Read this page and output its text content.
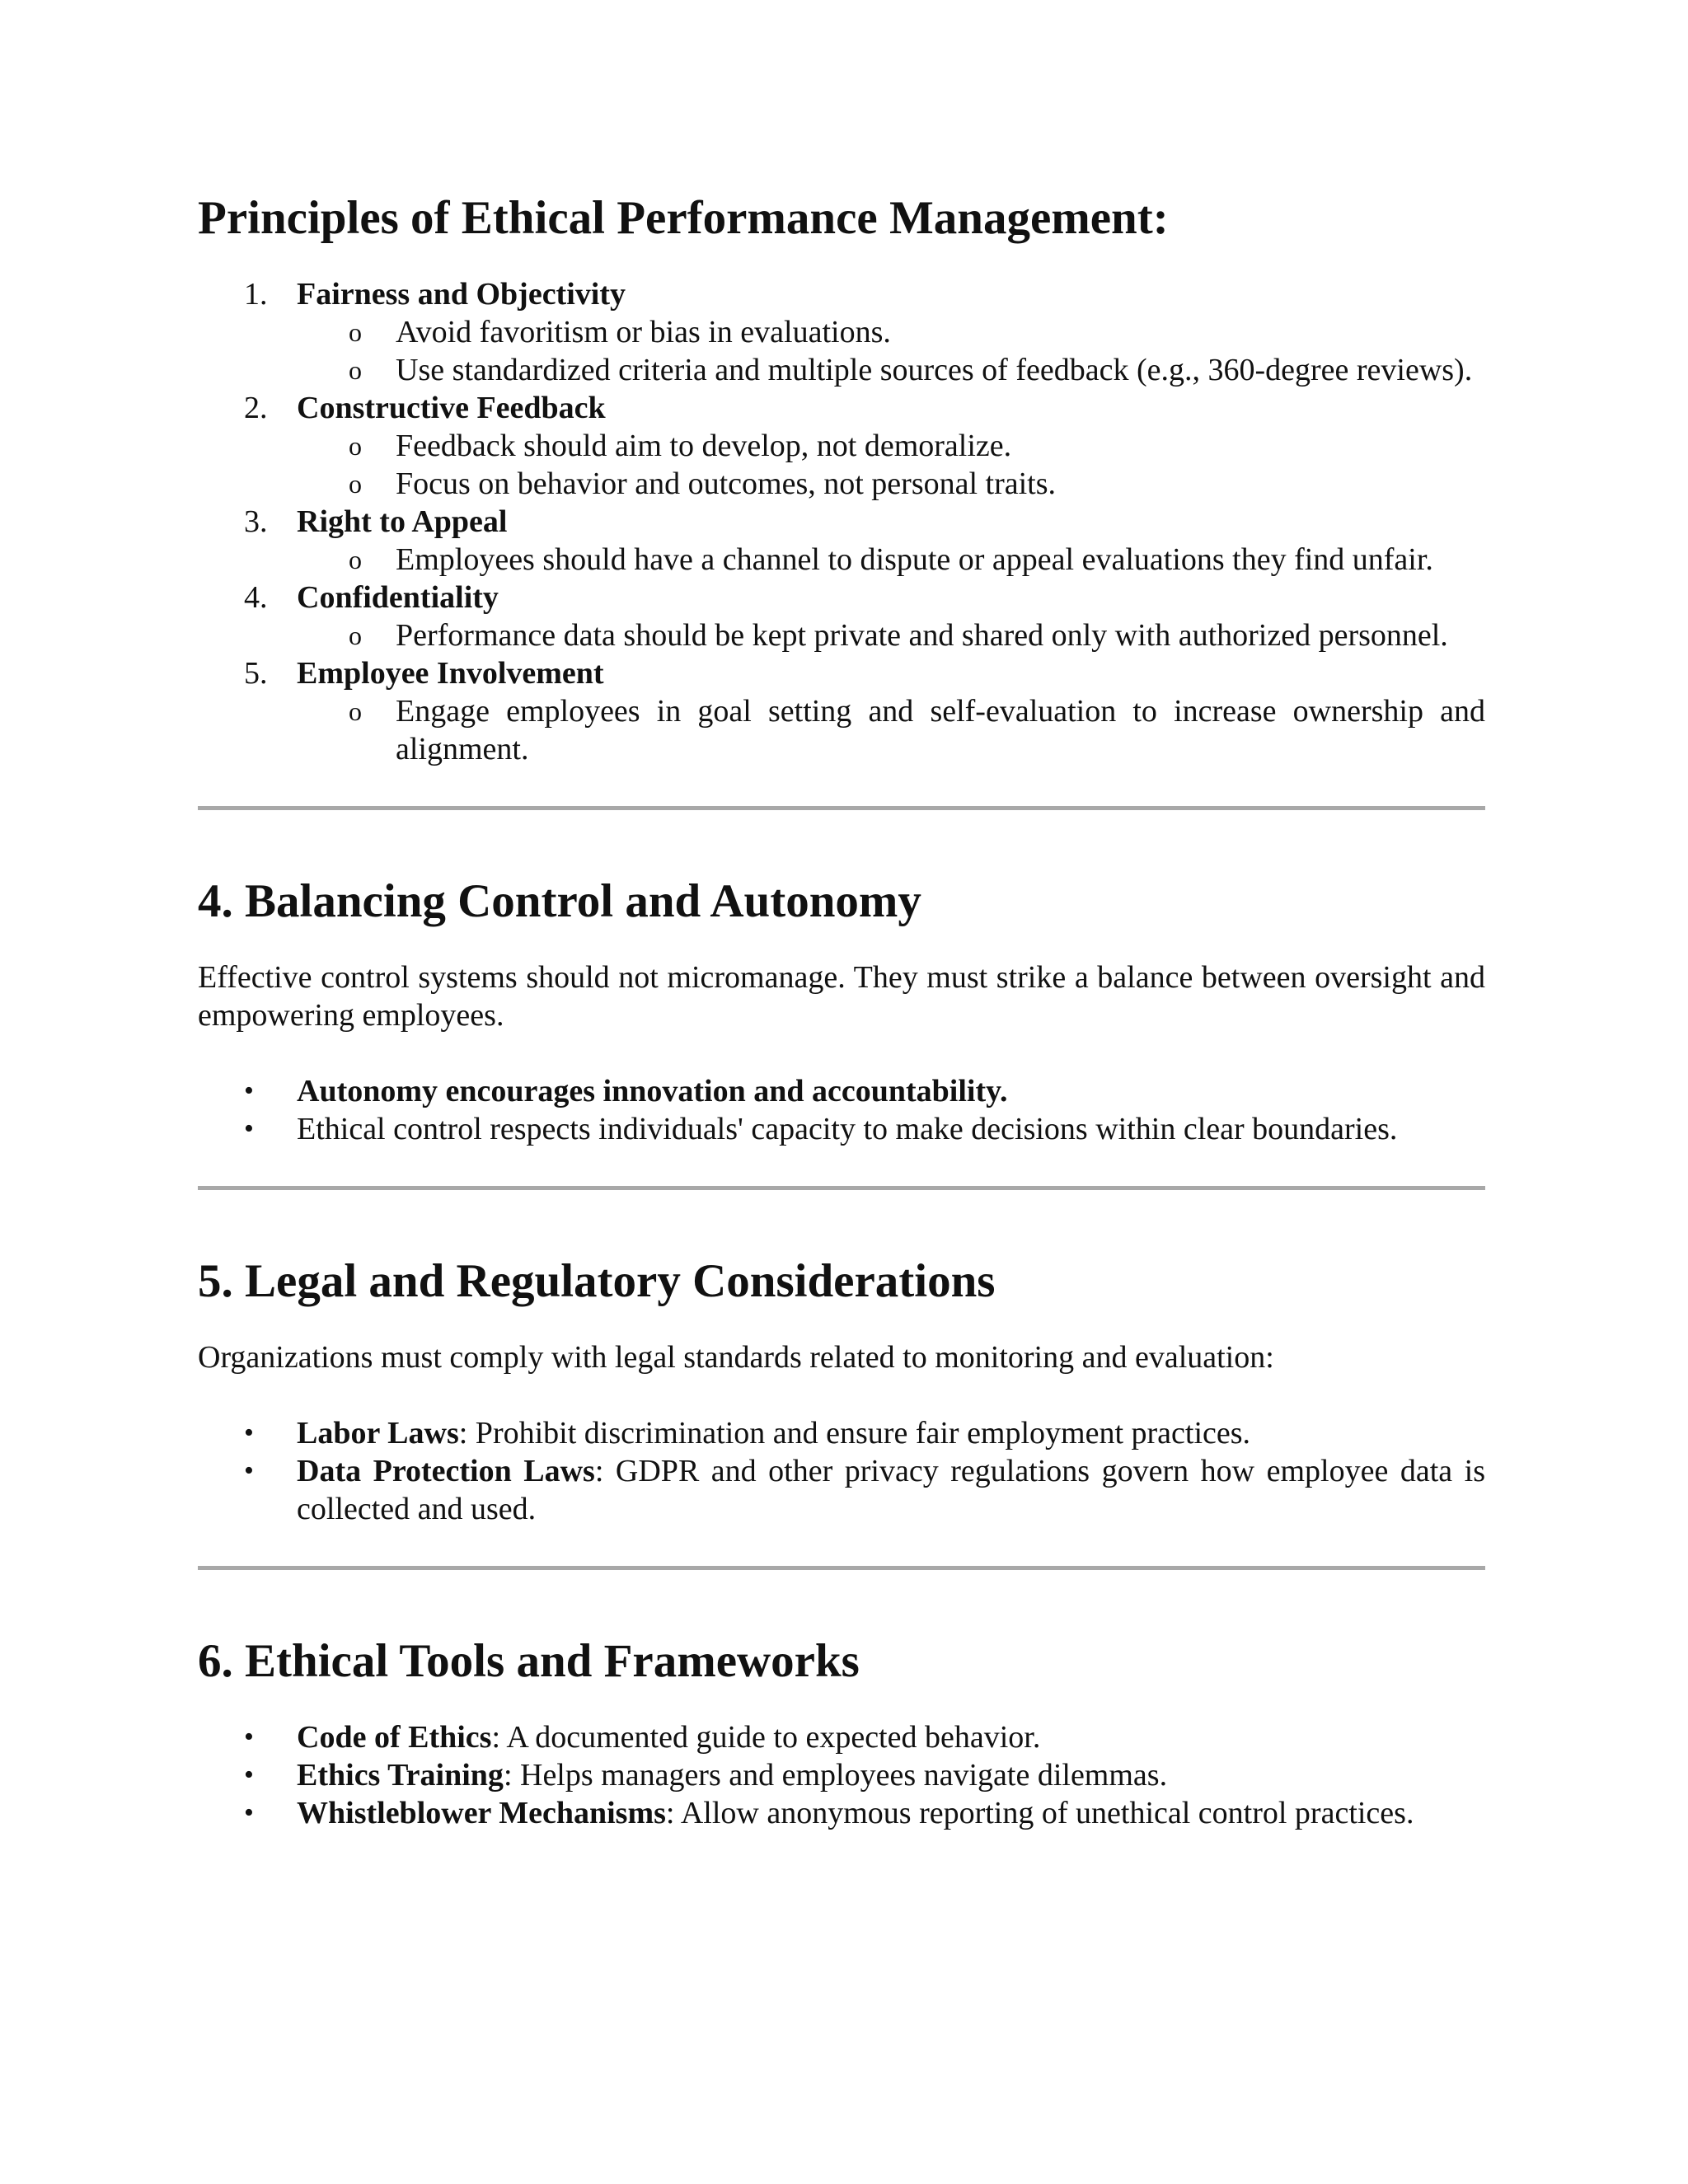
Principles of Ethical Performance Management:
1. Fairness and Objectivity
o Avoid favoritism or bias in evaluations.
o Use standardized criteria and multiple sources of feedback (e.g., 360-degree reviews).
2. Constructive Feedback
o Feedback should aim to develop, not demoralize.
o Focus on behavior and outcomes, not personal traits.
3. Right to Appeal
o Employees should have a channel to dispute or appeal evaluations they find unfair.
4. Confidentiality
o Performance data should be kept private and shared only with authorized personnel.
5. Employee Involvement
o Engage employees in goal setting and self-evaluation to increase ownership and alignment.
4. Balancing Control and Autonomy

Effective control systems should not micromanage. They must strike a balance between oversight and empowering employees.

• Autonomy encourages innovation and accountability.
• Ethical control respects individuals' capacity to make decisions within clear boundaries.
5. Legal and Regulatory Considerations

Organizations must comply with legal standards related to monitoring and evaluation:

• Labor Laws: Prohibit discrimination and ensure fair employment practices.
• Data Protection Laws: GDPR and other privacy regulations govern how employee data is collected and used.
6. Ethical Tools and Frameworks
• Code of Ethics: A documented guide to expected behavior.
• Ethics Training: Helps managers and employees navigate dilemmas.
• Whistleblower Mechanisms: Allow anonymous reporting of unethical control practices.
